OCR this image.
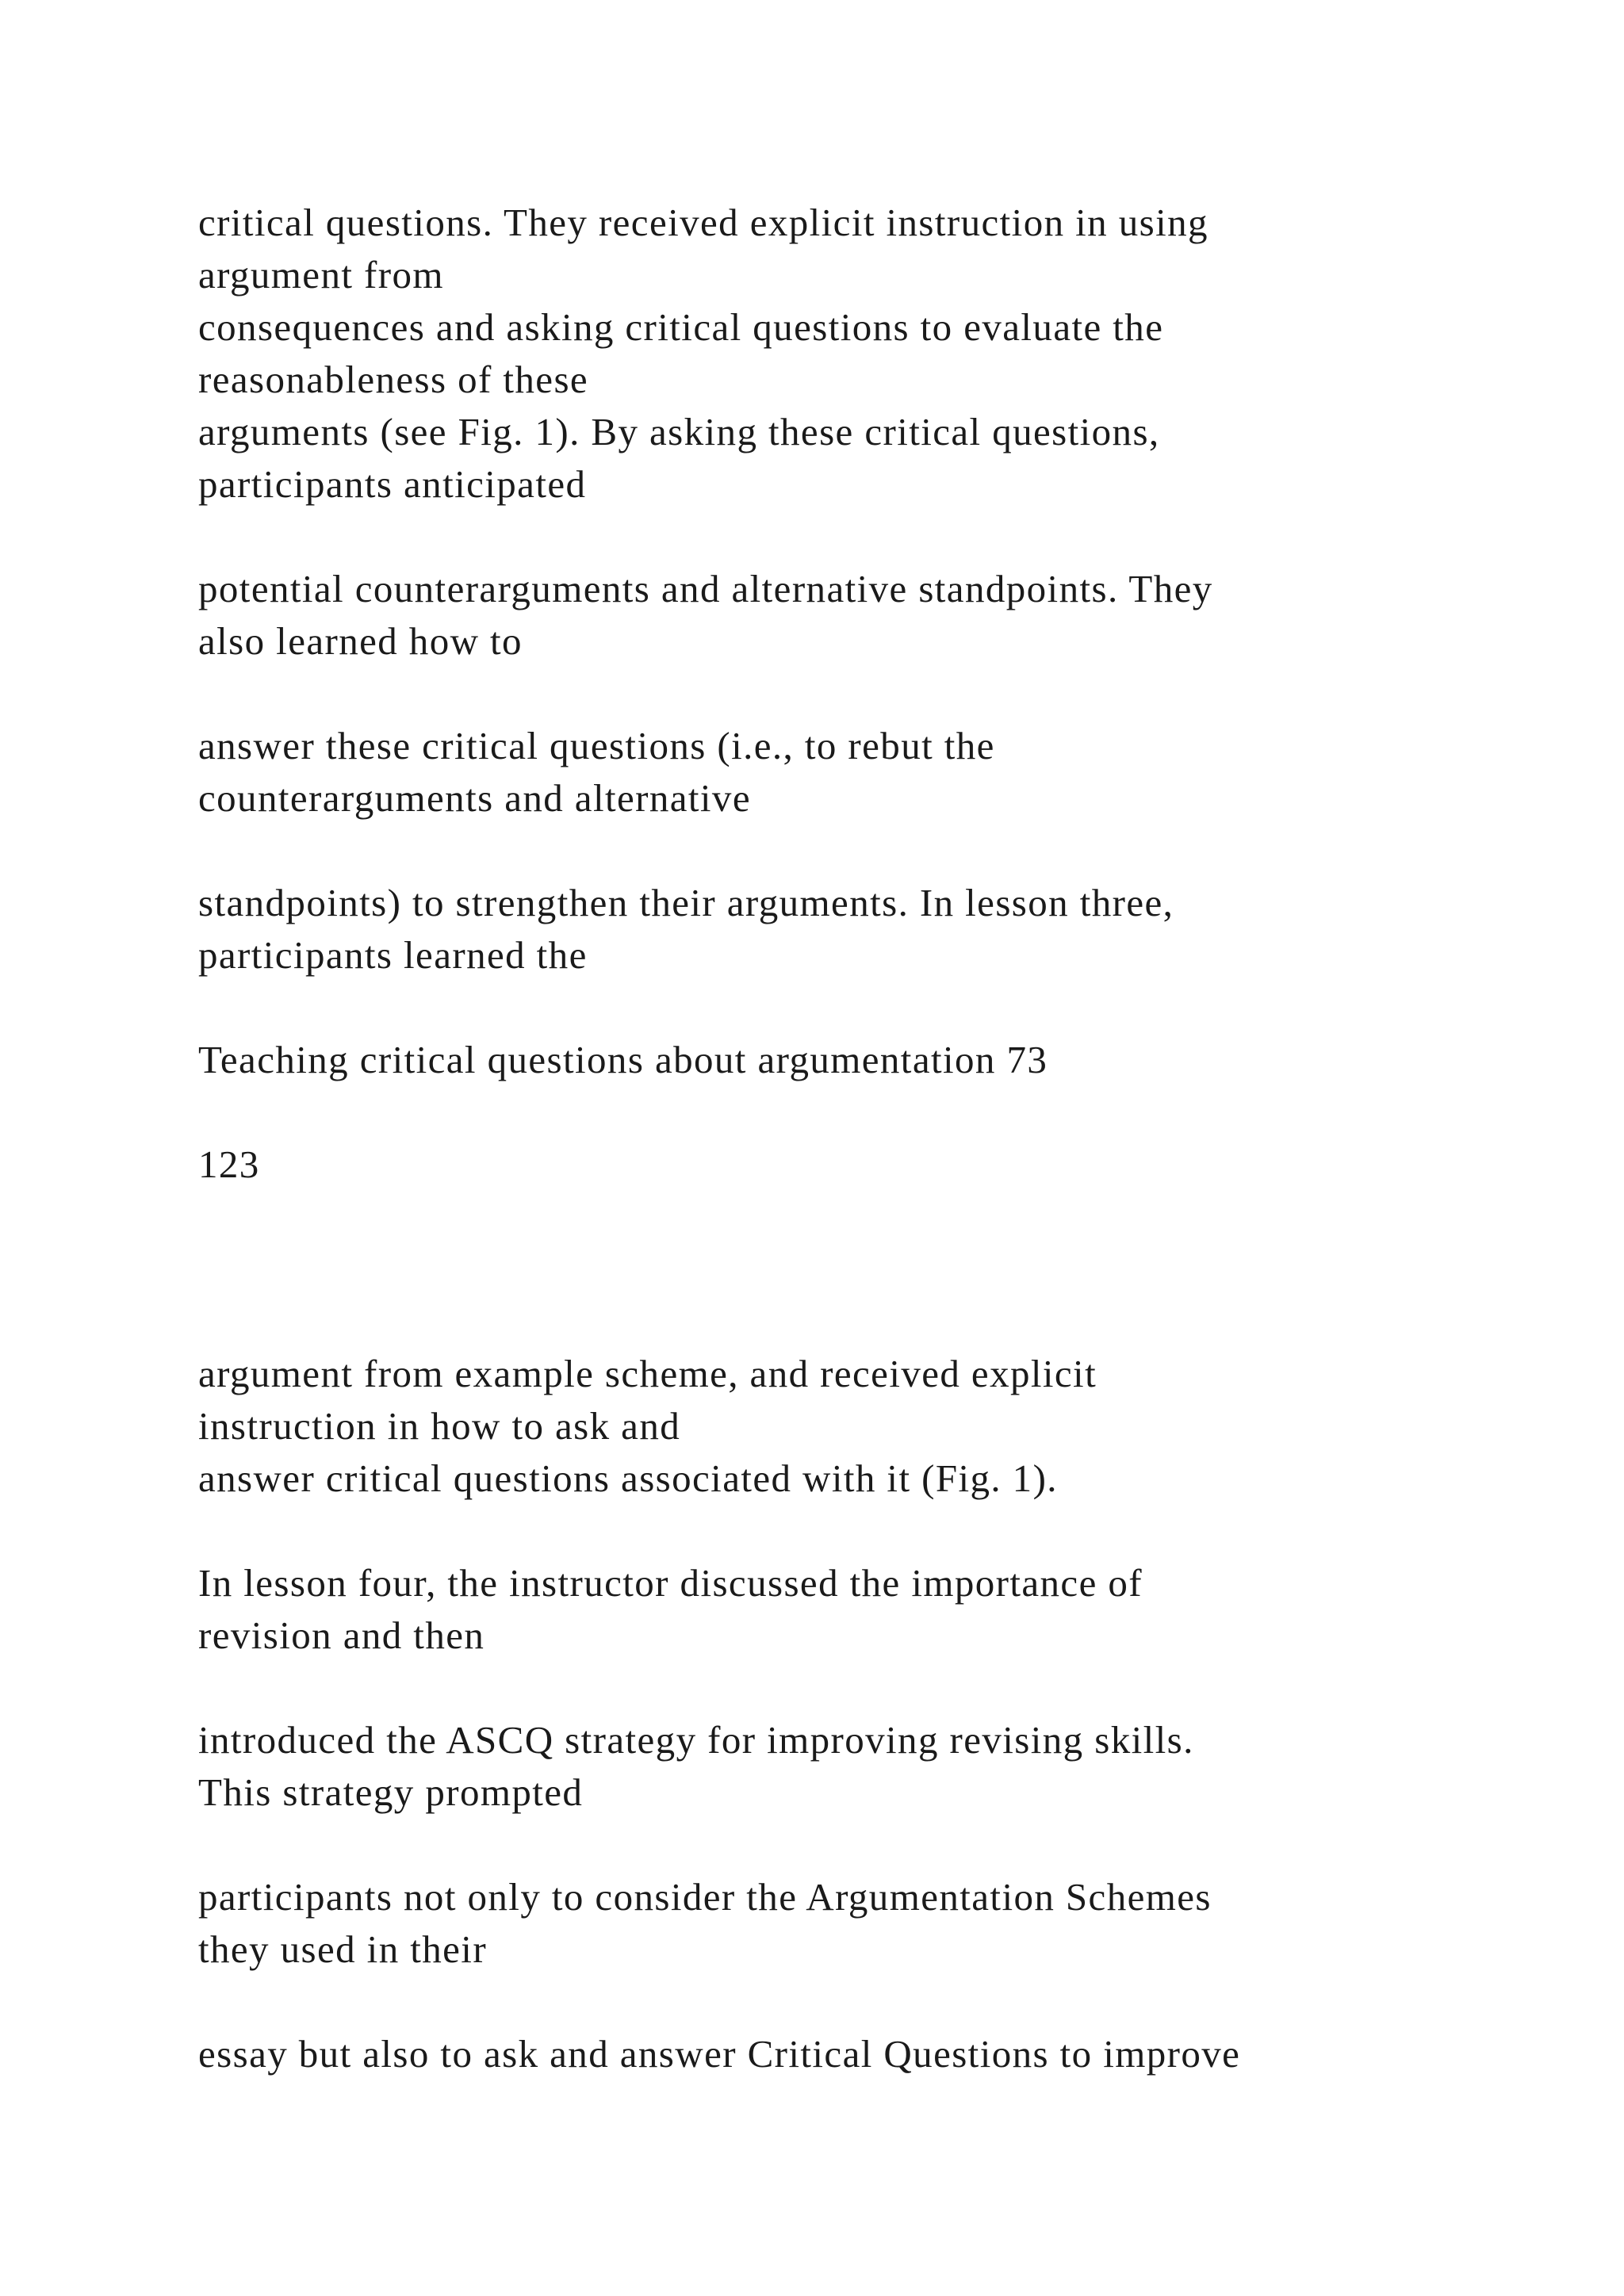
critical questions. They received explicit instruction in using
argument from
consequences and asking critical questions to evaluate the
reasonableness of these
arguments (see Fig. 1). By asking these critical questions,
participants anticipated
potential counterarguments and alternative standpoints. They
also learned how to
answer these critical questions (i.e., to rebut the
counterarguments and alternative
standpoints) to strengthen their arguments. In lesson three,
participants learned the
Teaching critical questions about argumentation 73
123
argument from example scheme, and received explicit
instruction in how to ask and
answer critical questions associated with it (Fig. 1).
In lesson four, the instructor discussed the importance of
revision and then
introduced the ASCQ strategy for improving revising skills.
This strategy prompted
participants not only to consider the Argumentation Schemes
they used in their
essay but also to ask and answer Critical Questions to improve
